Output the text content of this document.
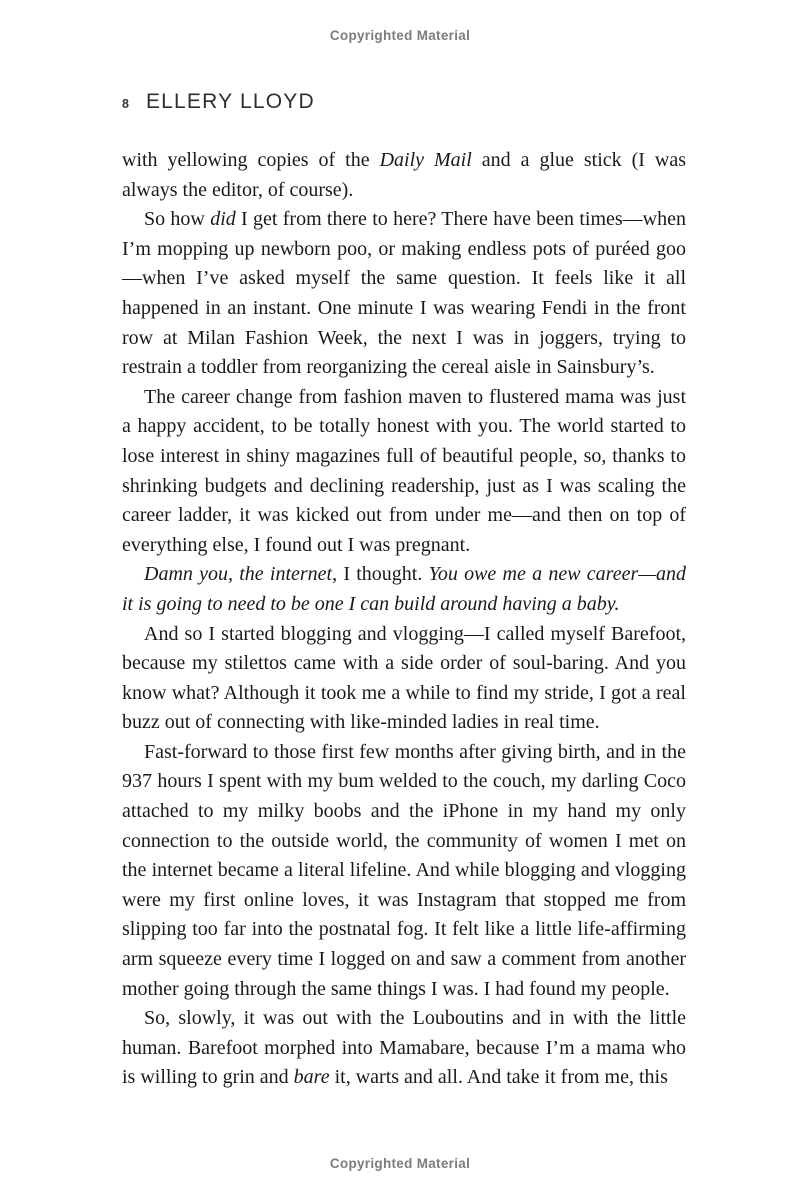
Copyrighted Material
8 ELLERY LLOYD

with yellowing copies of the Daily Mail and a glue stick (I was always the editor, of course).

So how did I get from there to here? There have been times—when I’m mopping up newborn poo, or making endless pots of puréed goo—when I’ve asked myself the same question. It feels like it all happened in an instant. One minute I was wearing Fendi in the front row at Milan Fashion Week, the next I was in joggers, trying to restrain a toddler from reorganizing the cereal aisle in Sainsbury’s.

The career change from fashion maven to flustered mama was just a happy accident, to be totally honest with you. The world started to lose interest in shiny magazines full of beautiful people, so, thanks to shrinking budgets and declining readership, just as I was scaling the career ladder, it was kicked out from under me—and then on top of everything else, I found out I was pregnant.

Damn you, the internet, I thought. You owe me a new career—and it is going to need to be one I can build around having a baby.

And so I started blogging and vlogging—I called myself Barefoot, because my stilettos came with a side order of soul-baring. And you know what? Although it took me a while to find my stride, I got a real buzz out of connecting with like-minded ladies in real time.

Fast-forward to those first few months after giving birth, and in the 937 hours I spent with my bum welded to the couch, my darling Coco attached to my milky boobs and the iPhone in my hand my only connection to the outside world, the community of women I met on the internet became a literal lifeline. And while blogging and vlogging were my first online loves, it was Instagram that stopped me from slipping too far into the postnatal fog. It felt like a little life-affirming arm squeeze every time I logged on and saw a comment from another mother going through the same things I was. I had found my people.

So, slowly, it was out with the Louboutins and in with the little human. Barefoot morphed into Mamabare, because I’m a mama who is willing to grin and bare it, warts and all. And take it from me, this

Copyrighted Material
